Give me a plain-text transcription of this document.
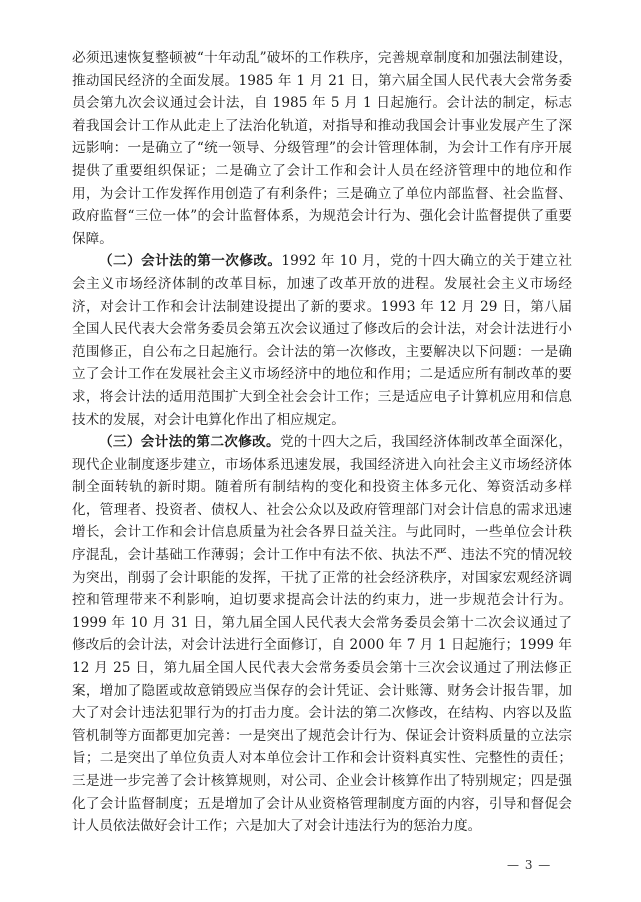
必须迅速恢复整顿被“十年动乱”破坏的工作秩序，完善规章制度和加强法制建设，推动国民经济的全面发展。1985 年 1 月 21 日，第六届全国人民代表大会常务委员会第九次会议通过会计法，自 1985 年 5 月 1 日起施行。会计法的制定，标志着我国会计工作从此走上了法治化轨道，对指导和推动我国会计事业发展产生了深远影响：一是确立了“统一领导、分级管理”的会计管理体制，为会计工作有序开展提供了重要组织保证；二是确立了会计工作和会计人员在经济管理中的地位和作用，为会计工作发挥作用创造了有利条件；三是确立了单位内部监督、社会监督、政府监督“三位一体”的会计监督体系，为规范会计行为、强化会计监督提供了重要保障。

（二）会计法的第一次修改。1992 年 10 月，党的十四大确立的关于建立社会主义市场经济体制的改革目标，加速了改革开放的进程。发展社会主义市场经济，对会计工作和会计法制建设提出了新的要求。1993 年 12 月 29 日，第八届全国人民代表大会常务委员会第五次会议通过了修改后的会计法，对会计法进行小范围修正，自公布之日起施行。会计法的第一次修改，主要解决以下问题：一是确立了会计工作在发展社会主义市场经济中的地位和作用；二是适应所有制改革的要求，将会计法的适用范围扩大到全社会会计工作；三是适应电子计算机应用和信息技术的发展，对会计电算化作出了相应规定。

（三）会计法的第二次修改。党的十四大之后，我国经济体制改革全面深化，现代企业制度逐步建立，市场体系迅速发展，我国经济进入向社会主义市场经济体制全面转轨的新时期。随着所有制结构的变化和投资主体多元化、筹资活动多样化，管理者、投资者、债权人、社会公众以及政府管理部门对会计信息的需求迅速增长，会计工作和会计信息质量为社会各界日益关注。与此同时，一些单位会计秩序混乱，会计基础工作薄弱；会计工作中有法不依、执法不严、违法不究的情况较为突出，削弱了会计职能的发挥，干扰了正常的社会经济秩序，对国家宏观经济调控和管理带来不利影响，迫切要求提高会计法的约束力，进一步规范会计行为。1999 年 10 月 31 日，第九届全国人民代表大会常务委员会第十二次会议通过了修改后的会计法，对会计法进行全面修订，自 2000 年 7 月 1 日起施行；1999 年 12 月 25 日，第九届全国人民代表大会常务委员会第十三次会议通过了刑法修正案，增加了隐匿或故意销毁应当保存的会计凭证、会计账簿、财务会计报告罪，加大了对会计违法犯罪行为的打击力度。会计法的第二次修改，在结构、内容以及监管机制等方面都更加完善：一是突出了规范会计行为、保证会计资料质量的立法宗旨；二是突出了单位负责人对本单位会计工作和会计资料真实性、完整性的责任；三是进一步完善了会计核算规则，对公司、企业会计核算作出了特别规定；四是强化了会计监督制度；五是增加了会计从业资格管理制度方面的内容，引导和督促会计人员依法做好会计工作；六是加大了对会计违法行为的惩治力度。

— 3 —
